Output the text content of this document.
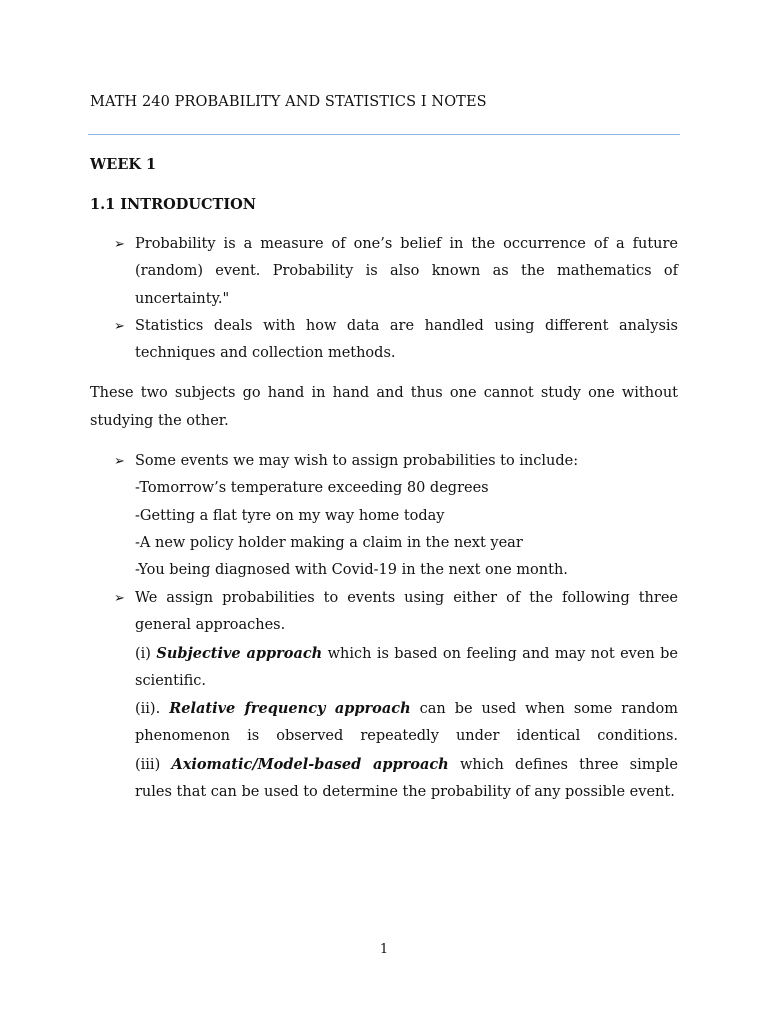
MATH 240 PROBABILITY AND STATISTICS I NOTES
WEEK 1
1.1 INTRODUCTION
➢ Probability is a measure of one’s belief in the occurrence of a future (random) event. Probability is also known as the mathematics of uncertainty."
➢ Statistics deals with how data are handled using different analysis techniques and collection methods.
These two subjects go hand in hand and thus one cannot study one without studying the other.
➢ Some events we may wish to assign probabilities to include:
-Tomorrow’s temperature exceeding 80 degrees
-Getting a flat tyre on my way home today
-A new policy holder making a claim in the next year
-You being diagnosed with Covid-19 in the next one month.
➢ We assign probabilities to events using either of the following three general approaches.
(i) Subjective approach which is based on feeling and may not even be scientific.
(ii). Relative frequency approach can be used when some random phenomenon is observed repeatedly under identical conditions.
(iii) Axiomatic/Model-based approach which defines three simple rules that can be used to determine the probability of any possible event.
1
